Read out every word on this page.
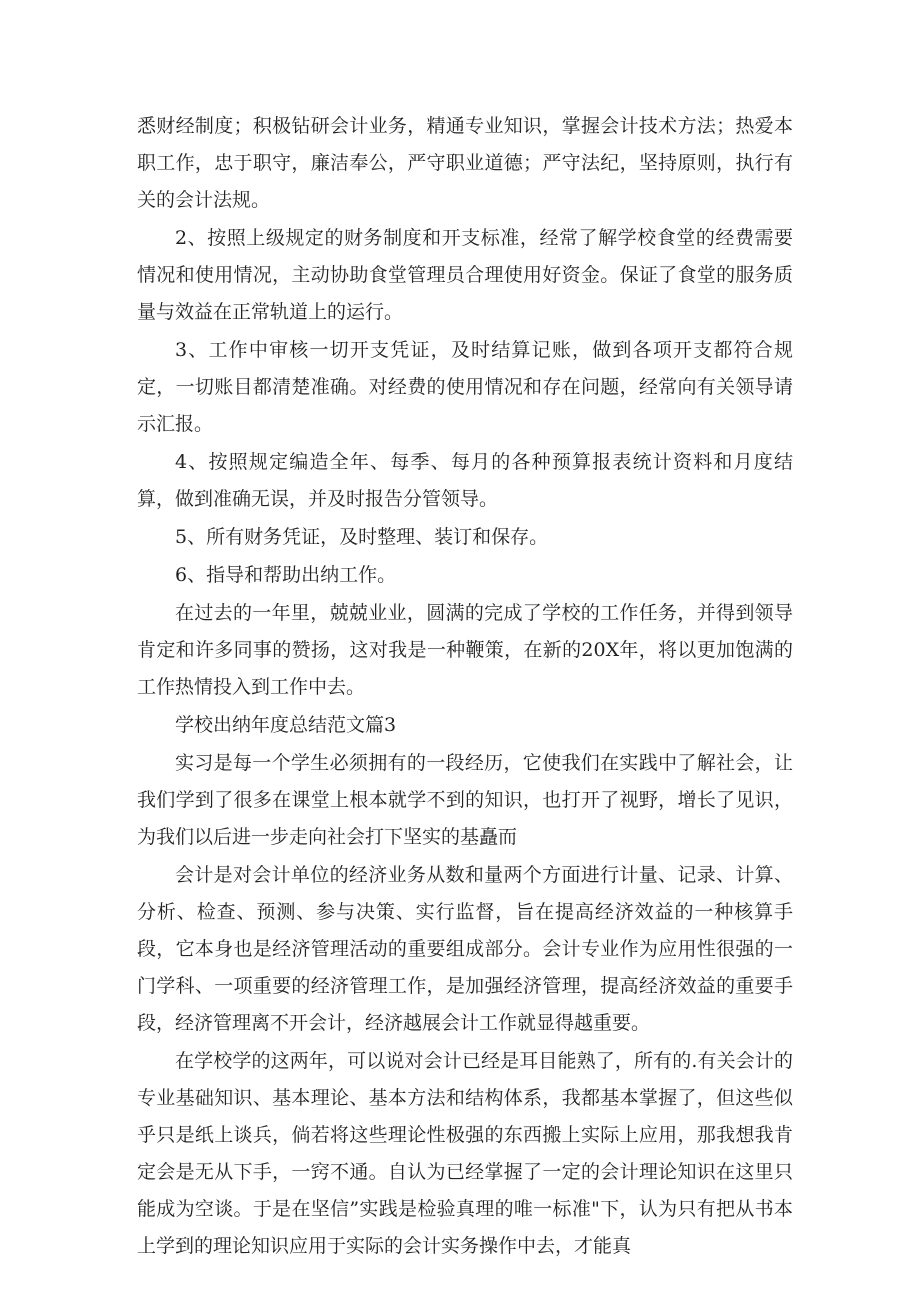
悉财经制度；积极钻研会计业务，精通专业知识，掌握会计技术方法；热爱本职工作，忠于职守，廉洁奉公，严守职业道德；严守法纪，坚持原则，执行有关的会计法规。

2、按照上级规定的财务制度和开支标准，经常了解学校食堂的经费需要情况和使用情况，主动协助食堂管理员合理使用好资金。保证了食堂的服务质量与效益在正常轨道上的运行。

3、工作中审核一切开支凭证，及时结算记账，做到各项开支都符合规定，一切账目都清楚准确。对经费的使用情况和存在问题，经常向有关领导请示汇报。

4、按照规定编造全年、每季、每月的各种预算报表统计资料和月度结算，做到准确无误，并及时报告分管领导。

5、所有财务凭证，及时整理、装订和保存。

6、指导和帮助出纳工作。

在过去的一年里，兢兢业业，圆满的完成了学校的工作任务，并得到领导肯定和许多同事的赞扬，这对我是一种鞭策，在新的20X年，将以更加饱满的工作热情投入到工作中去。

学校出纳年度总结范文篇3

实习是每一个学生必须拥有的一段经历，它使我们在实践中了解社会，让我们学到了很多在课堂上根本就学不到的知识，也打开了视野，增长了见识，为我们以后进一步走向社会打下坚实的基矗而

会计是对会计单位的经济业务从数和量两个方面进行计量、记录、计算、分析、检查、预测、参与决策、实行监督，旨在提高经济效益的一种核算手段，它本身也是经济管理活动的重要组成部分。会计专业作为应用性很强的一门学科、一项重要的经济管理工作，是加强经济管理，提高经济效益的重要手段，经济管理离不开会计，经济越展会计工作就显得越重要。

在学校学的这两年，可以说对会计已经是耳目能熟了，所有的.有关会计的专业基础知识、基本理论、基本方法和结构体系，我都基本掌握了，但这些似乎只是纸上谈兵，倘若将这些理论性极强的东西搬上实际上应用，那我想我肯定会是无从下手，一窍不通。自认为已经掌握了一定的会计理论知识在这里只能成为空谈。于是在坚信”实践是检验真理的唯一标准"下，认为只有把从书本上学到的理论知识应用于实际的会计实务操作中去，才能真
